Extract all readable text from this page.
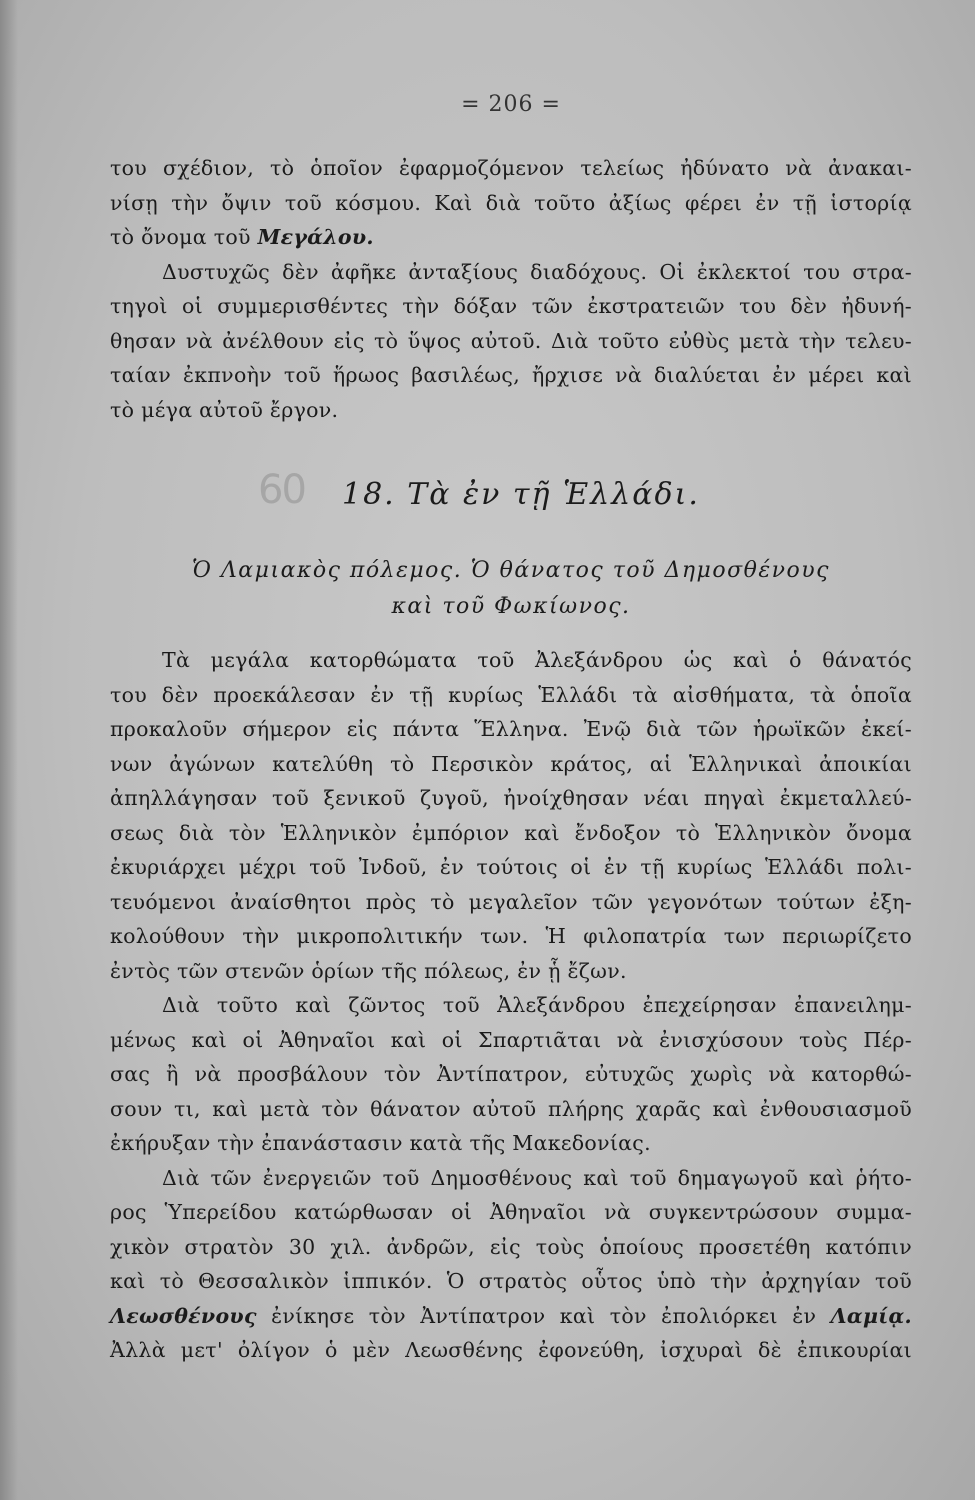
= 206 =
του σχέδιον, τὸ ὁποῖον ἐφαρμοζόμενον τελείως ἠδύνατο νὰ ἀνακαι-
νίσῃ τὴν ὄψιν τοῦ κόσμου. Καὶ διὰ τοῦτο ἀξίως φέρει ἐν τῇ ἱστορίᾳ
τὸ ὄνομα τοῦ Μεγάλου.
Δυστυχῶς δὲν ἀφῆκε ἀνταξίους διαδόχους. Οἱ ἐκλεκτοί του στρα-
τηγοὶ οἱ συμμερισθέντες τὴν δόξαν τῶν ἐκστρατειῶν του δὲν ἠδυνή-
θησαν νὰ ἀνέλθουν εἰς τὸ ὕψος αὐτοῦ. Διὰ τοῦτο εὐθὺς μετὰ τὴν τελευ-
ταίαν ἐκπνοὴν τοῦ ἥρωος βασιλέως, ἤρχισε νὰ διαλύεται ἐν μέρει καὶ
τὸ μέγα αὐτοῦ ἔργον.
60 18. Τὰ ἐν τῇ Ἑλλάδι.
Ὁ Λαμιακὸς πόλεμος. Ὁ θάνατος τοῦ Δημοσθένους
καὶ τοῦ Φωκίωνος.
Τὰ μεγάλα κατορθώματα τοῦ Ἀλεξάνδρου ὡς καὶ ὁ θάνατός
του δὲν προεκάλεσαν ἐν τῇ κυρίως Ἑλλάδι τὰ αἰσθήματα, τὰ ὁποῖα
προκαλοῦν σήμερον εἰς πάντα Ἕλληνα. Ἐνῷ διὰ τῶν ἡρωϊκῶν ἐκεί-
νων ἀγώνων κατελύθη τὸ Περσικὸν κράτος, αἱ Ἑλληνικαὶ ἀποικίαι
ἀπηλλάγησαν τοῦ ξενικοῦ ζυγοῦ, ἠνοίχθησαν νέαι πηγαὶ ἐκμεταλλεύ-
σεως διὰ τὸν Ἑλληνικὸν ἐμπόριον καὶ ἔνδοξον τὸ Ἑλληνικὸν ὄνομα
ἐκυριάρχει μέχρι τοῦ Ἰνδοῦ, ἐν τούτοις οἱ ἐν τῇ κυρίως Ἑλλάδι πολι-
τευόμενοι ἀναίσθητοι πρὸς τὸ μεγαλεῖον τῶν γεγονότων τούτων ἐξη-
κολούθουν τὴν μικροπολιτικήν των. Ἡ φιλοπατρία των περιωρίζετο
ἐντὸς τῶν στενῶν ὁρίων τῆς πόλεως, ἐν ᾗ ἔζων.
Διὰ τοῦτο καὶ ζῶντος τοῦ Ἀλεξάνδρου ἐπεχείρησαν ἐπανειλημ-
μένως καὶ οἱ Ἀθηναῖοι καὶ οἱ Σπαρτιᾶται νὰ ἐνισχύσουν τοὺς Πέρ-
σας ἢ νὰ προσβάλουν τὸν Ἀντίπατρον, εὐτυχῶς χωρὶς νὰ κατορθώ-
σουν τι, καὶ μετὰ τὸν θάνατον αὐτοῦ πλήρης χαρᾶς καὶ ἐνθουσιασμοῦ
ἐκήρυξαν τὴν ἐπανάστασιν κατὰ τῆς Μακεδονίας.
Διὰ τῶν ἐνεργειῶν τοῦ Δημοσθένους καὶ τοῦ δημαγωγοῦ καὶ ῥήτο-
ρος Ὑπερείδου κατώρθωσαν οἱ Ἀθηναῖοι νὰ συγκεντρώσουν συμμα-
χικὸν στρατὸν 30 χιλ. ἀνδρῶν, εἰς τοὺς ὁποίους προσετέθη κατόπιν
καὶ τὸ Θεσσαλικὸν ἱππικόν. Ὁ στρατὸς οὗτος ὑπὸ τὴν ἀρχηγίαν τοῦ
Λεωσθένους ἐνίκησε τὸν Ἀντίπατρον καὶ τὸν ἐπολιόρκει ἐν Λαμίᾳ.
Ἀλλὰ μετ' ὀλίγον ὁ μὲν Λεωσθένης ἐφονεύθη, ἰσχυραὶ δὲ ἐπικουρίαι
